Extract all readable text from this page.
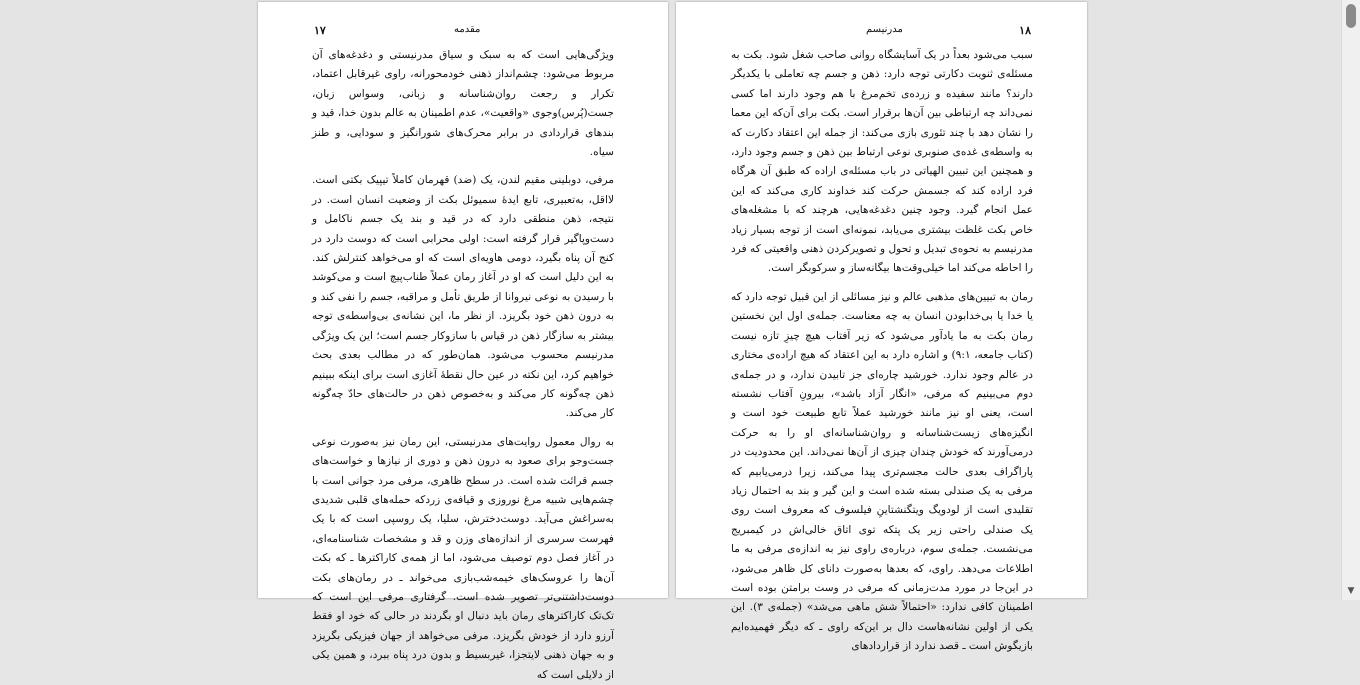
۱۷	مقدمه

ویژگی‌هایی است که به سبک و سیاق مدرنیستی و دغدغه‌های آن مربوط می‌شود: چشم‌انداز ذهنی خودمحورانه، راوی غیرقابل اعتماد، تکرار و رجعت روان‌شناسانه و زبانی، وسواس زبان، جست‌(پُرس)وجوی «واقعیت»، عدم اطمینان به عالم بدون خدا، قید و بندهای قراردادی در برابر محرک‌های شورانگیز و سودایی، و طنز سیاه.

مرفی، دوبلینی مقیم لندن، یک (ضد) قهرمان کاملاً تیپیک بکتی است. لااقل، به‌تعبیری، تابع ایدهٔ سمیوئل بکت از وضعیت انسان است. در نتیجه، ذهن منطقی دارد که در قید و بند یک جسم ناکامل و دست‌وپاگیر قرار گرفته است: اولی محرابی است که دوست دارد در کنج آن پناه بگیرد، دومی هاویه‌ای است که او می‌خواهد کنترلش کند. به این دلیل است که او در آغاز رمان عملاً طناب‌پیچ است و می‌کوشد با رسیدن به نوعی نیروانا از طریق تأمل و مراقبه، جسم را نفی کند و به درون ذهن خود بگریزد. از نظر ما، این نشانه‌ی بی‌واسطه‌ی توجه بیشتر به سازگار ذهن در قیاس با سازوکار جسم است؛ این یک ویژگی مدرنیسم محسوب می‌شود. همان‌طور که در مطالب بعدی بحث خواهیم کرد، این نکته در عین حال نقطهٔ آغازی است برای اینکه ببینیم ذهن چه‌گونه کار می‌کند و به‌خصوص ذهن در حالت‌های حادّ چه‌گونه کار می‌کند.

به روال معمول روایت‌های مدرنیستی، این رمان نیز به‌صورت نوعی جست‌وجو برای صعود به درون ذهن و دوری از نیازها و خواست‌های جسم قرائت شده است. در سطح ظاهری، مرفی مرد جوانی است با چشم‌هایی شبیه مرغ نوروزی و قیافه‌ی زردکه حمله‌های قلبی شدیدی به‌سراغش می‌آید. دوست‌دخترش، سلیا، یک روسپی است که با یک فهرست سرسری از اندازه‌های وزن و قد و مشخصات شناسنامه‌ای، در آغاز فصل دوم توصیف می‌شود، اما از همه‌ی کاراکترها ـ که بکت آن‌ها را عروسک‌های خیمه‌شب‌بازی می‌خواند ـ در رمان‌های بکت دوست‌داشتنی‌تر تصویر شده است. گرفتاری مرفی این است که تک‌تک کاراکترهای رمان باید دنبال او بگردند در حالی که خود او فقط آرزو دارد از خودش بگریزد. مرفی می‌خواهد از جهان فیزیکی بگریزد و به جهان ذهنی لایتجزا، غیربسیط و بدون درد پناه ببرد، و همین یکی از دلایلی است که

۱۸
مدرنیسم

سبب می‌شود بعداً در یک آسایشگاه روانی صاحب شغل شود. بکت به مسئله‌ی ثنویت دکارتی توجه دارد: ذهن و جسم چه تعاملی با یکدیگر دارند؟ مانند سفیده و زرده‌ی تخم‌مرغ با هم وجود دارند اما کسی نمی‌داند چه ارتباطی بین آن‌ها برقرار است. بکت برای آن‌که این معما را نشان دهد با چند تئوری بازی می‌کند: از جمله این اعتقاد دکارت که به واسطه‌ی غده‌ی صنوبری نوعی ارتباط بین ذهن و جسم وجود دارد، و همچنین این تبیین الهیاتی در باب مسئله‌ی اراده که طبق آن هرگاه فرد اراده کند که جسمش حرکت کند خداوند کاری می‌کند که این عمل انجام گیرد. وجود چنین دغدغه‌هایی، هرچند که با مشغله‌های خاص بکت غلظت بیشتری می‌یابد، نمونه‌ای است از توجه بسیار زیاد مدرنیسم به نحوه‌ی تبدیل و تحول و تصویرکردن ذهنی واقعیتی که فرد را احاطه می‌کند اما خیلی‌وقت‌ها بیگانه‌ساز و سرکوبگر است.

رمان به تبیین‌های مذهبی عالم و نیز مسائلی از این قبیل توجه دارد که یا خدا یا بی‌خدابودن انسان به چه معناست. جمله‌ی اول این نخستین رمان بکت به ما یادآور می‌شود که زیر آفتاب هیچ چیزِ تازه نیست (کتاب جامعه، ۹:۱) و اشاره دارد به این اعتقاد که هیچ اراده‌ی مختاری در عالم وجود ندارد. خورشید چاره‌ای جز تابیدن ندارد، و در جمله‌ی دوم می‌بینیم که مرفی، «انگار آزاد باشد»، بیرونِ آفتاب نشسته است، یعنی او نیز مانند خورشید عملاً تابع طبیعت خود است و انگیزه‌های زیست‌شناسانه و روان‌شناسانه‌ای او را به حرکت درمی‌آورند که خودش چندان چیزی از آن‌ها نمی‌داند. این محدودیت در پاراگراف بعدی حالت مجسم‌تری پیدا می‌کند، زیرا درمی‌یابیم که مرفی به یک صندلی بسته شده است و این گیر و بند به احتمال زیاد تقلیدی است از لودویگ ویتگنشتاینِ فیلسوف که معروف است روی یک صندلی راحتی زیر یک پتکه توی اتاق خالی‌اش در کیمبریج می‌نشست. جمله‌ی سوم، درباره‌ی راوی نیز به اندازه‌ی مرفی به ما اطلاعات می‌دهد. راوی، که بعدها به‌صورت دانای کل ظاهر می‌شود، در این‌جا در مورد مدت‌زمانی که مرفی در وست برامتن بوده است اطمینان کافی ندارد: «احتمالاً شش ماهی می‌شد» (جمله‌ی ۳). این یکی از اولین نشانه‌هاست دال بر این‌که راوی ـ که دیگر فهمیده‌ایم بازیگوش است ـ قصد ندارد از قراردادهای

▼
